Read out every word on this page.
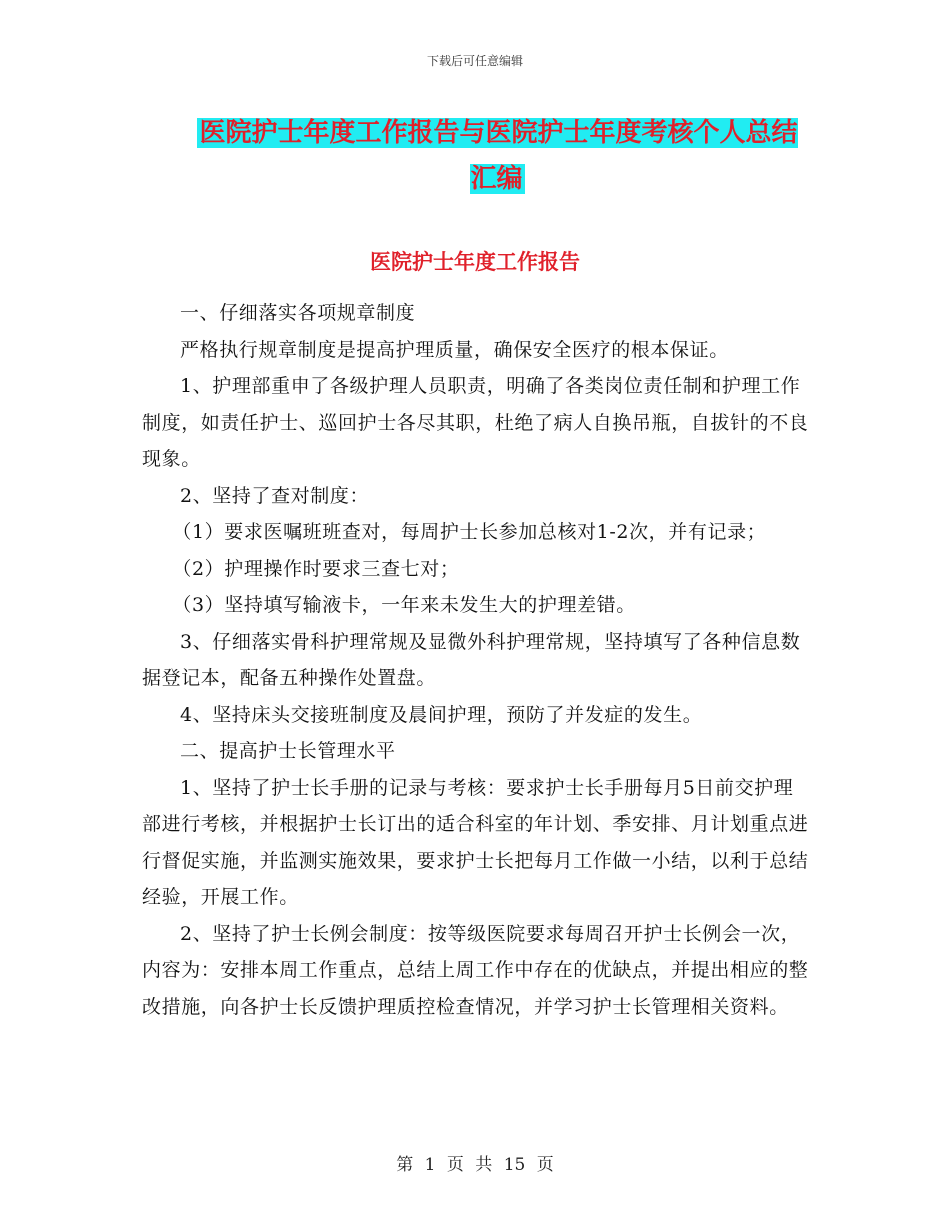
下载后可任意编辑
医院护士年度工作报告与医院护士年度考核个人总结汇编
医院护士年度工作报告

一、仔细落实各项规章制度

严格执行规章制度是提高护理质量，确保安全医疗的根本保证。

1、护理部重申了各级护理人员职责，明确了各类岗位责任制和护理工作制度，如责任护士、巡回护士各尽其职，杜绝了病人自换吊瓶，自拔针的不良现象。

2、坚持了查对制度：

（1）要求医嘱班班查对，每周护士长参加总核对1-2次，并有记录；

（2）护理操作时要求三查七对；

（3）坚持填写输液卡，一年来未发生大的护理差错。

3、仔细落实骨科护理常规及显微外科护理常规，坚持填写了各种信息数据登记本，配备五种操作处置盘。

4、坚持床头交接班制度及晨间护理，预防了并发症的发生。

二、提高护士长管理水平

1、坚持了护士长手册的记录与考核：要求护士长手册每月5日前交护理部进行考核，并根据护士长订出的适合科室的年计划、季安排、月计划重点进行督促实施，并监测实施效果，要求护士长把每月工作做一小结，以利于总结经验，开展工作。

2、坚持了护士长例会制度：按等级医院要求每周召开护士长例会一次，内容为：安排本周工作重点，总结上周工作中存在的优缺点，并提出相应的整改措施，向各护士长反馈护理质控检查情况，并学习护士长管理相关资料。

第 1 页 共 15 页
